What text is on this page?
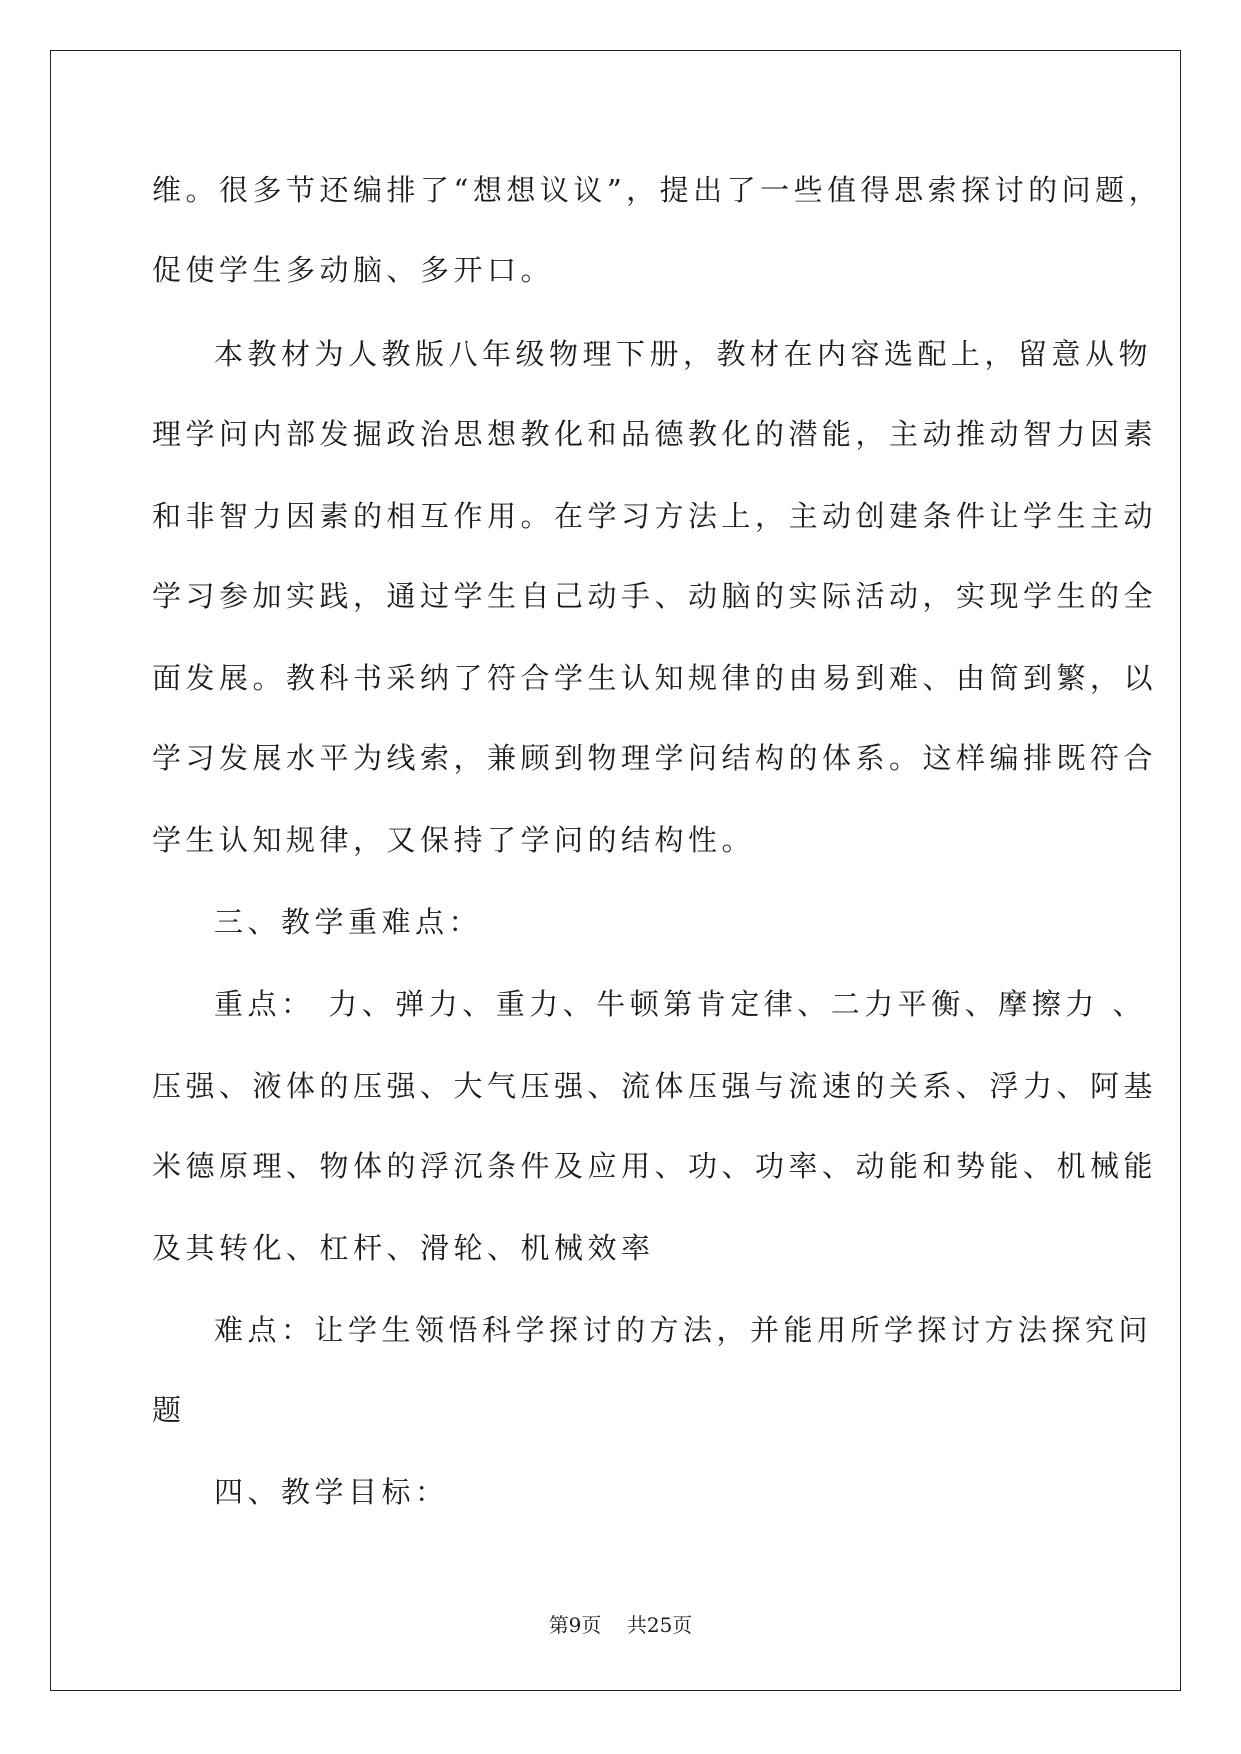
维。很多节还编排了“想想议议”，提出了一些值得思索探讨的问题，
促使学生多动脑、多开口。
本教材为人教版八年级物理下册，教材在内容选配上，留意从物
理学问内部发掘政治思想教化和品德教化的潜能，主动推动智力因素
和非智力因素的相互作用。在学习方法上，主动创建条件让学生主动
学习参加实践，通过学生自己动手、动脑的实际活动，实现学生的全
面发展。教科书采纳了符合学生认知规律的由易到难、由简到繁，以
学习发展水平为线索，兼顾到物理学问结构的体系。这样编排既符合
学生认知规律，又保持了学问的结构性。
三、教学重难点：
重点： 力、弹力、重力、牛顿第肯定律、二力平衡、摩擦力 、
压强、液体的压强、大气压强、流体压强与流速的关系、浮力、阿基
米德原理、物体的浮沉条件及应用、功、功率、动能和势能、机械能
及其转化、杠杆、滑轮、机械效率
难点：让学生领悟科学探讨的方法，并能用所学探讨方法探究问
题
四、教学目标：
第9页    共25页
